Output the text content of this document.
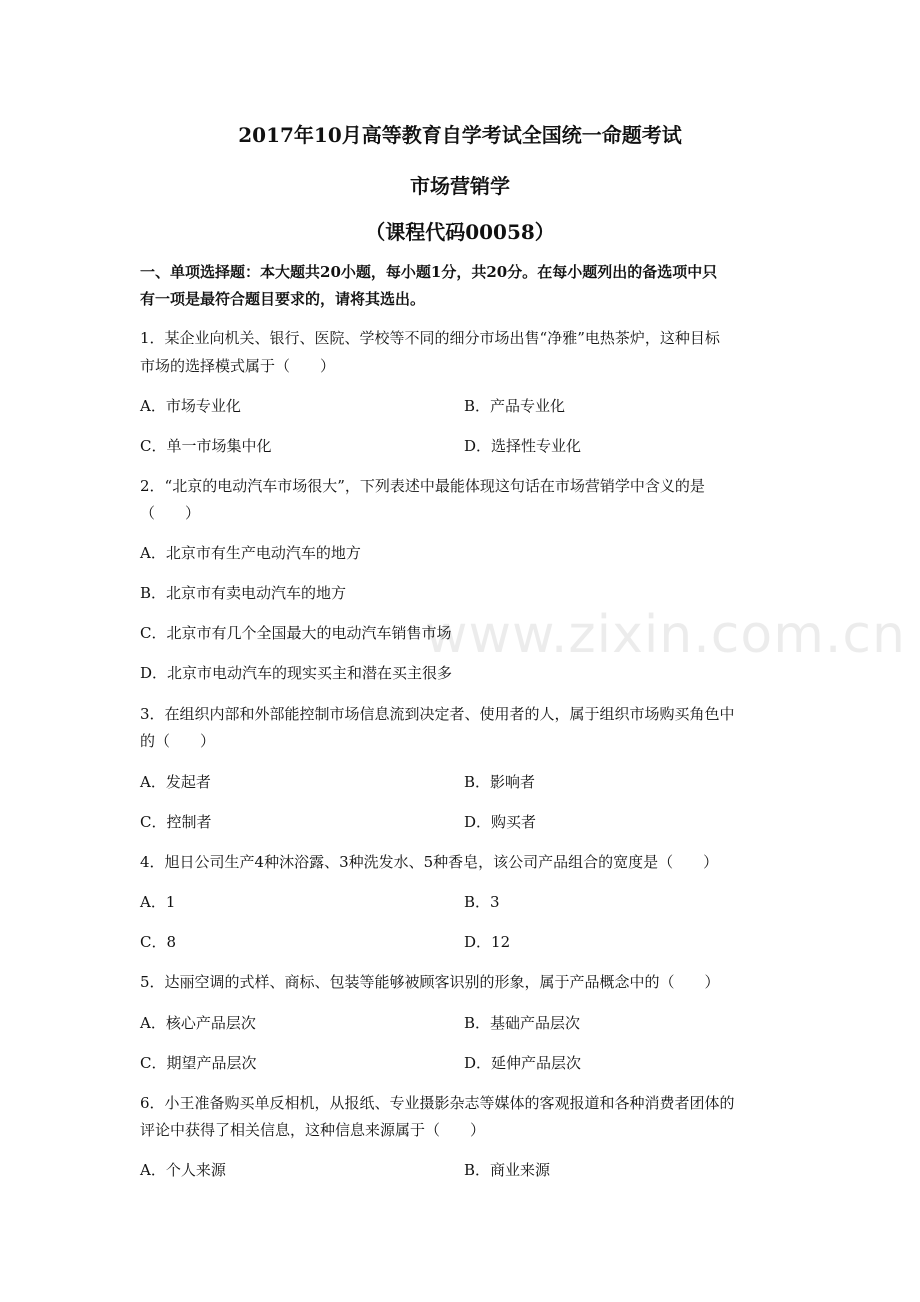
2017年10月高等教育自学考试全国统一命题考试
市场营销学
（课程代码00058）
一、单项选择题：本大题共20小题，每小题1分，共20分。在每小题列出的备选项中只
有一项是最符合题目要求的，请将其选出。
1．某企业向机关、银行、医院、学校等不同的细分市场出售“净雅”电热茶炉，这种目标
市场的选择模式属于（　　）
A．市场专业化	B．产品专业化
C．单一市场集中化	D．选择性专业化
2．“北京的电动汽车市场很大”，下列表述中最能体现这句话在市场营销学中含义的是
（　　）
A．北京市有生产电动汽车的地方
B．北京市有卖电动汽车的地方
C．北京市有几个全国最大的电动汽车销售市场
D．北京市电动汽车的现实买主和潜在买主很多
3．在组织内部和外部能控制市场信息流到决定者、使用者的人，属于组织市场购买角色中
的（　　）
A．发起者	B．影响者
C．控制者	D．购买者
4．旭日公司生产4种沐浴露、3种洗发水、5种香皂，该公司产品组合的宽度是（　　）
A．1	B．3
C．8	D．12
5．达丽空调的式样、商标、包装等能够被顾客识别的形象，属于产品概念中的（　　）
A．核心产品层次	B．基础产品层次
C．期望产品层次	D．延伸产品层次
6．小王准备购买单反相机，从报纸、专业摄影杂志等媒体的客观报道和各种消费者团体的
评论中获得了相关信息，这种信息来源属于（　　）
A．个人来源	B．商业来源
www.zixin.com.cn
